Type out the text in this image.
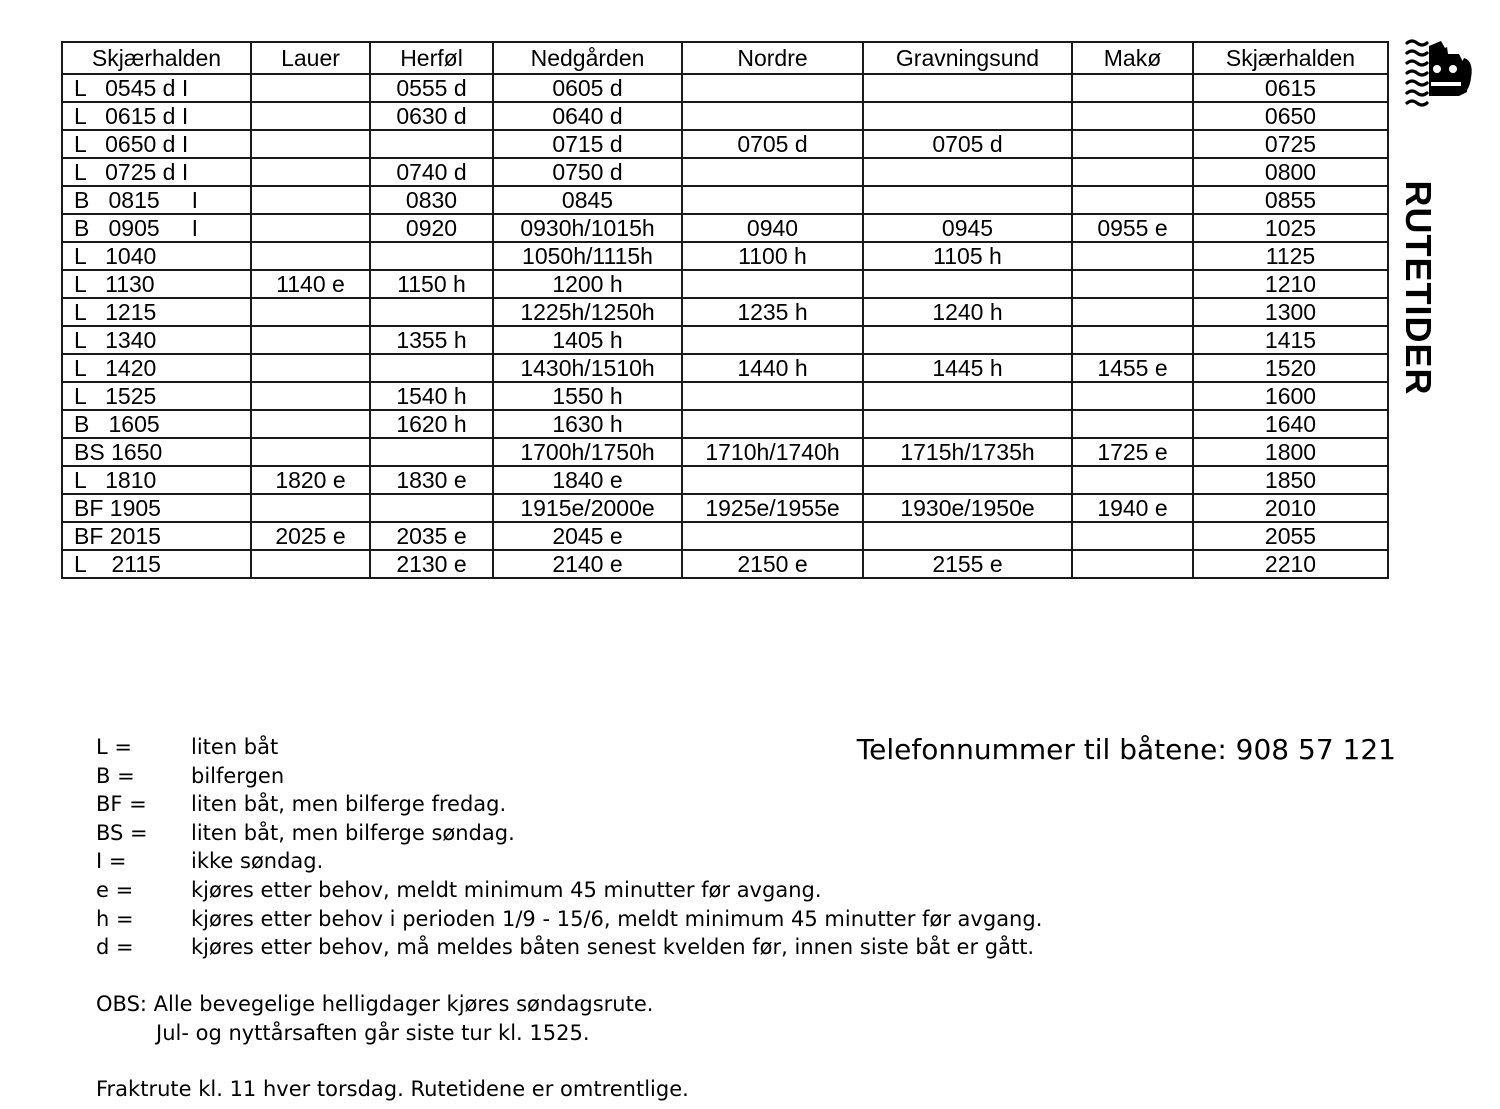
Skjærhalden	Lauer	Herføl	Nedgården	Nordre	Gravningsund	Makø	Skjærhalden
L   0545 d I		0555 d	0605 d				0615
L   0615 d I		0630 d	0640 d				0650
L   0650 d I			0715 d	0705 d	0705 d		0725
L   0725 d I		0740 d	0750 d				0800
B   0815     I		0830	0845				0855
B   0905     I		0920	0930h/1015h	0940	0945	0955 e	1025
L   1040			1050h/1115h	1100 h	1105 h		1125
L   1130	1140 e	1150 h	1200 h				1210
L   1215			1225h/1250h	1235 h	1240 h		1300
L   1340		1355 h	1405 h				1415
L   1420			1430h/1510h	1440 h	1445 h	1455 e	1520
L   1525		1540 h	1550 h				1600
B   1605		1620 h	1630 h				1640
BS 1650			1700h/1750h	1710h/1740h	1715h/1735h	1725 e	1800
L   1810	1820 e	1830 e	1840 e				1850
BF 1905			1915e/2000e	1925e/1955e	1930e/1950e	1940 e	2010
BF 2015	2025 e	2035 e	2045 e				2055
L    2115		2130 e	2140 e	2150 e	2155 e		2210
RUTETIDER
L =	liten båt
B =	bilfergen
BF =	liten båt, men bilferge fredag.
BS =	liten båt, men bilferge søndag.
I =	ikke søndag.
e =	kjøres etter behov, meldt minimum 45 minutter før avgang.
h =	kjøres etter behov i perioden 1/9 - 15/6, meldt minimum 45 minutter før avgang.
d =	kjøres etter behov, må meldes båten senest kvelden før, innen siste båt er gått.
Telefonnummer til båtene: 908 57 121
OBS: Alle bevegelige helligdager kjøres søndagsrute.
Jul- og nyttårsaften går siste tur kl. 1525.
Fraktrute kl. 11 hver torsdag. Rutetidene er omtrentlige.
